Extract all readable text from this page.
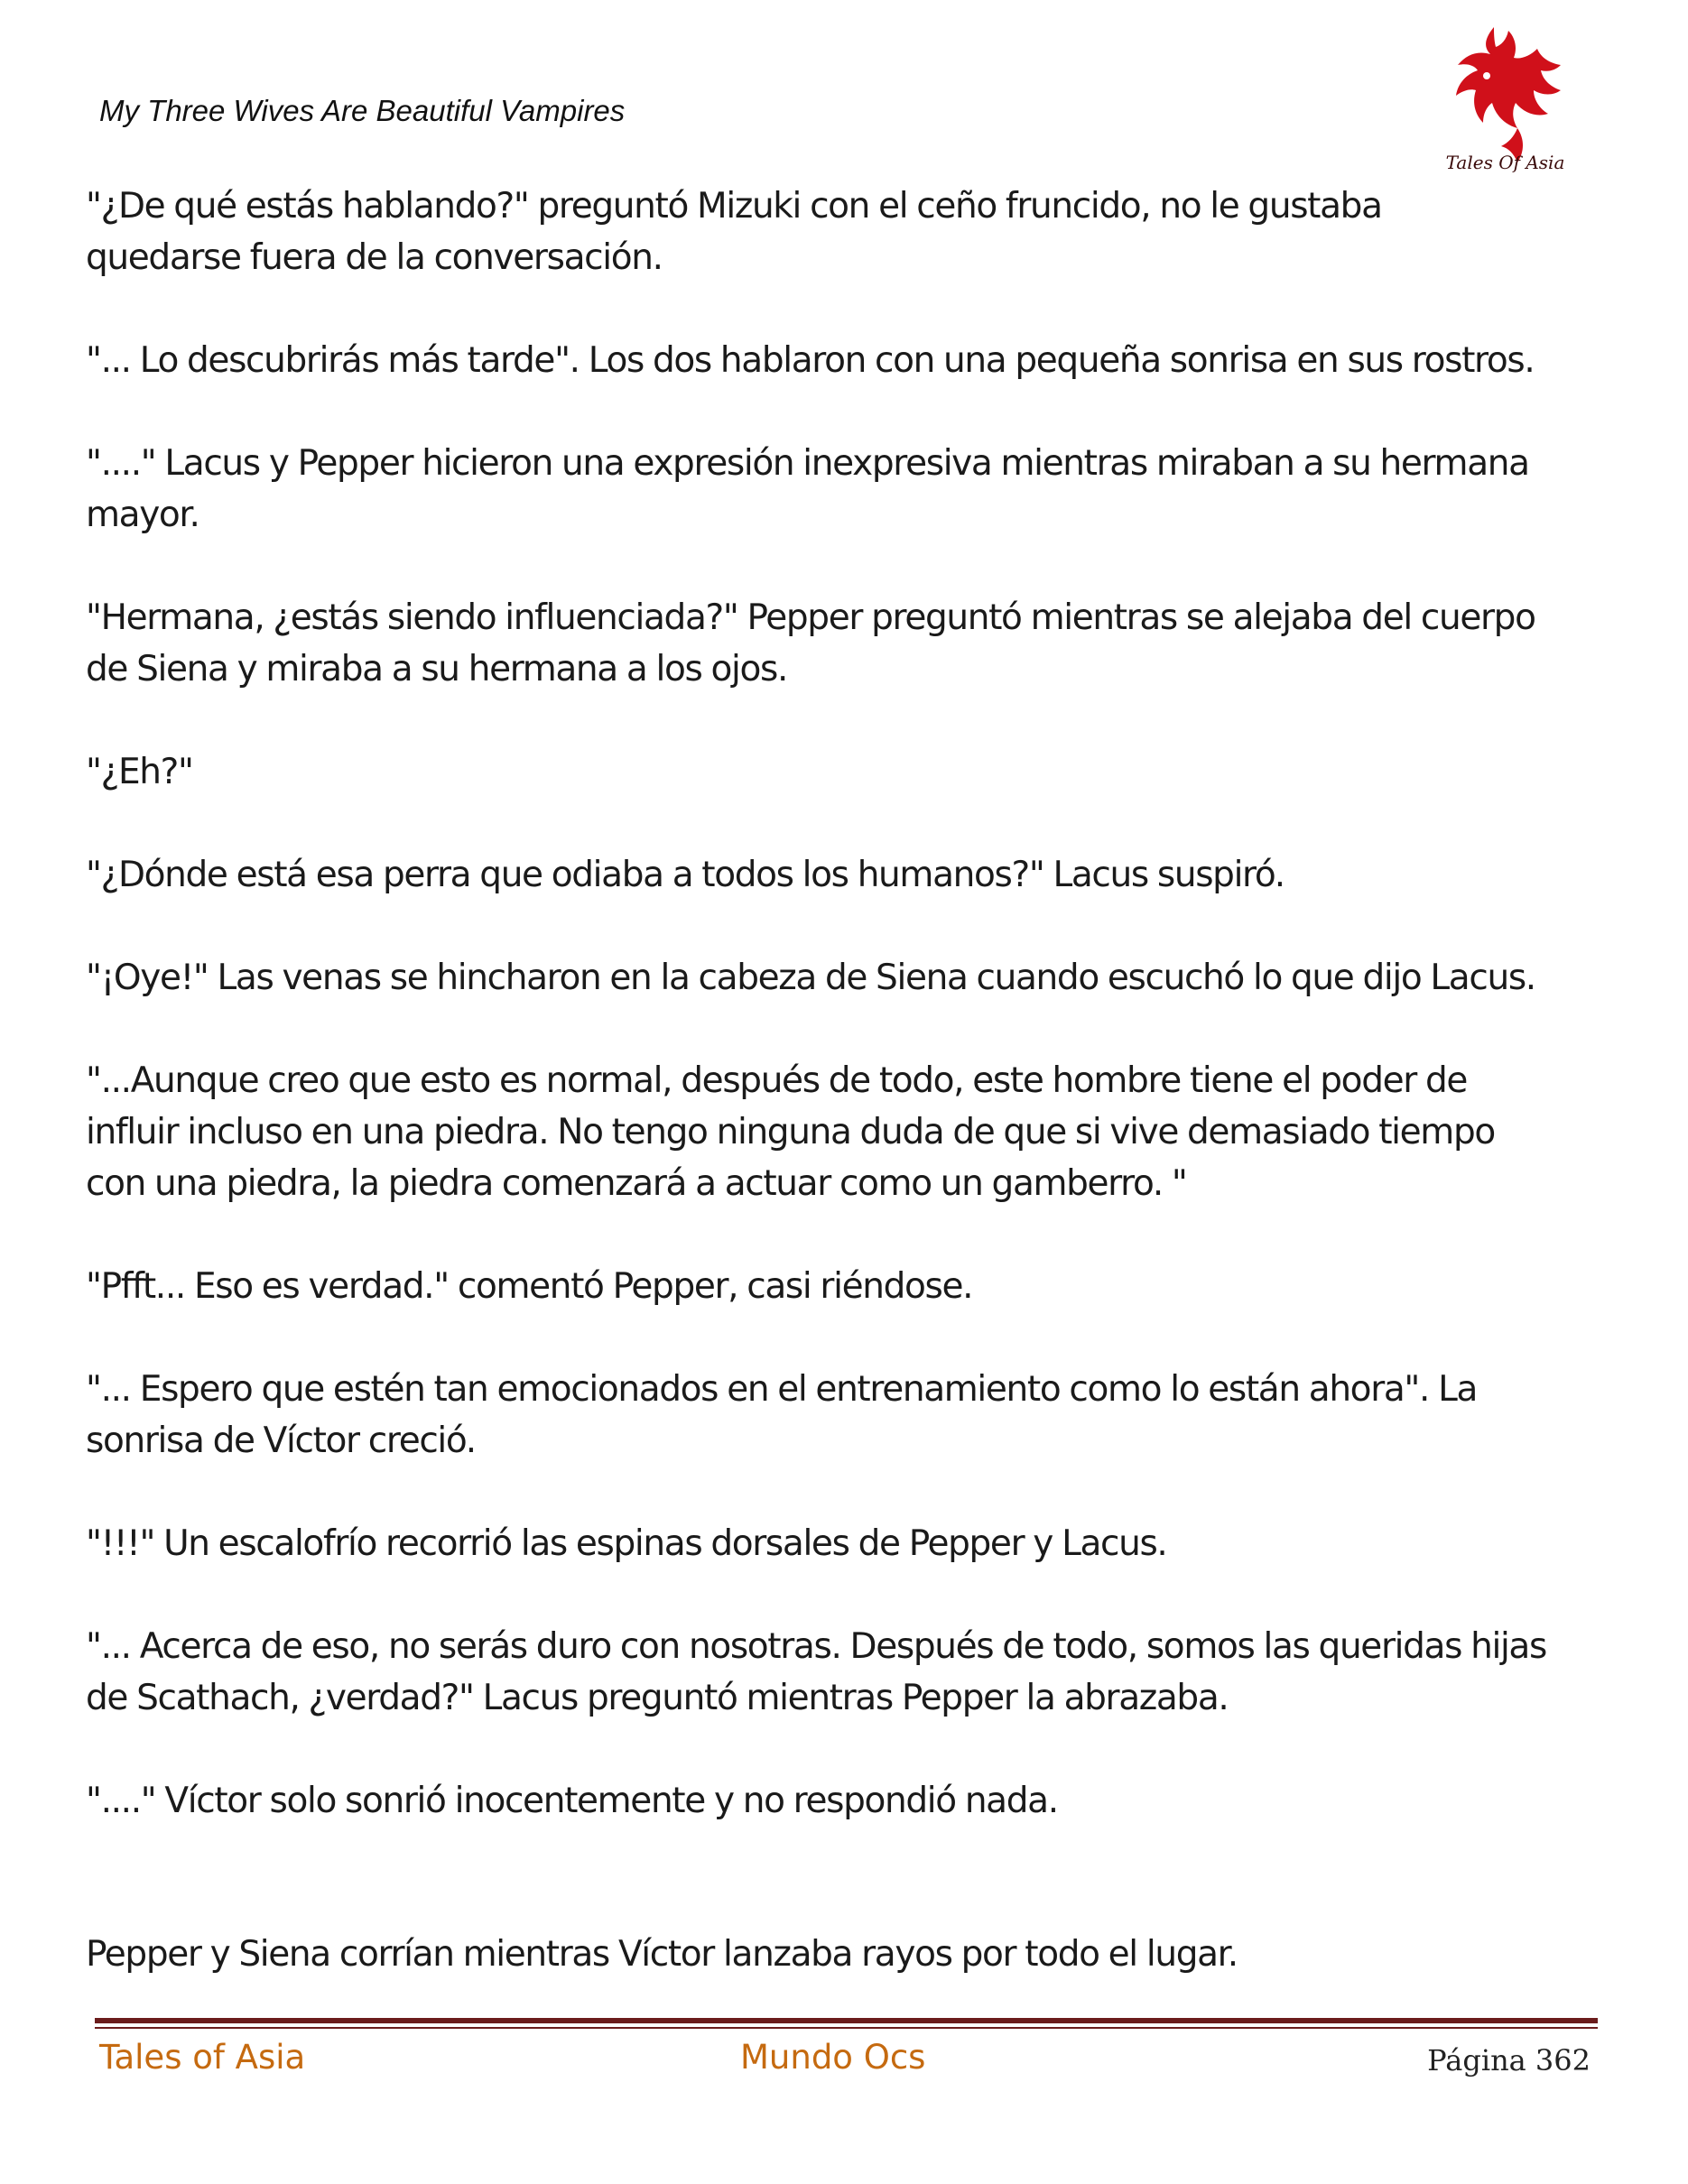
My Three Wives Are Beautiful Vampires
Tales Of Asia

"¿De qué estás hablando?" preguntó Mizuki con el ceño fruncido, no le gustaba
quedarse fuera de la conversación.

"... Lo descubrirás más tarde". Los dos hablaron con una pequeña sonrisa en sus rostros.

"...." Lacus y Pepper hicieron una expresión inexpresiva mientras miraban a su hermana
mayor.

"Hermana, ¿estás siendo influenciada?" Pepper preguntó mientras se alejaba del cuerpo
de Siena y miraba a su hermana a los ojos.

"¿Eh?"

"¿Dónde está esa perra que odiaba a todos los humanos?" Lacus suspiró.

"¡Oye!" Las venas se hincharon en la cabeza de Siena cuando escuchó lo que dijo Lacus.

"...Aunque creo que esto es normal, después de todo, este hombre tiene el poder de
influir incluso en una piedra. No tengo ninguna duda de que si vive demasiado tiempo
con una piedra, la piedra comenzará a actuar como un gamberro. "

"Pfft... Eso es verdad." comentó Pepper, casi riéndose.

"... Espero que estén tan emocionados en el entrenamiento como lo están ahora". La
sonrisa de Víctor creció.

"!!!" Un escalofrío recorrió las espinas dorsales de Pepper y Lacus.

"... Acerca de eso, no serás duro con nosotras. Después de todo, somos las queridas hijas
de Scathach, ¿verdad?" Lacus preguntó mientras Pepper la abrazaba.

"...." Víctor solo sonrió inocentemente y no respondió nada.

Pepper y Siena corrían mientras Víctor lanzaba rayos por todo el lugar.

Tales of Asia	Mundo Ocs	Página 362
